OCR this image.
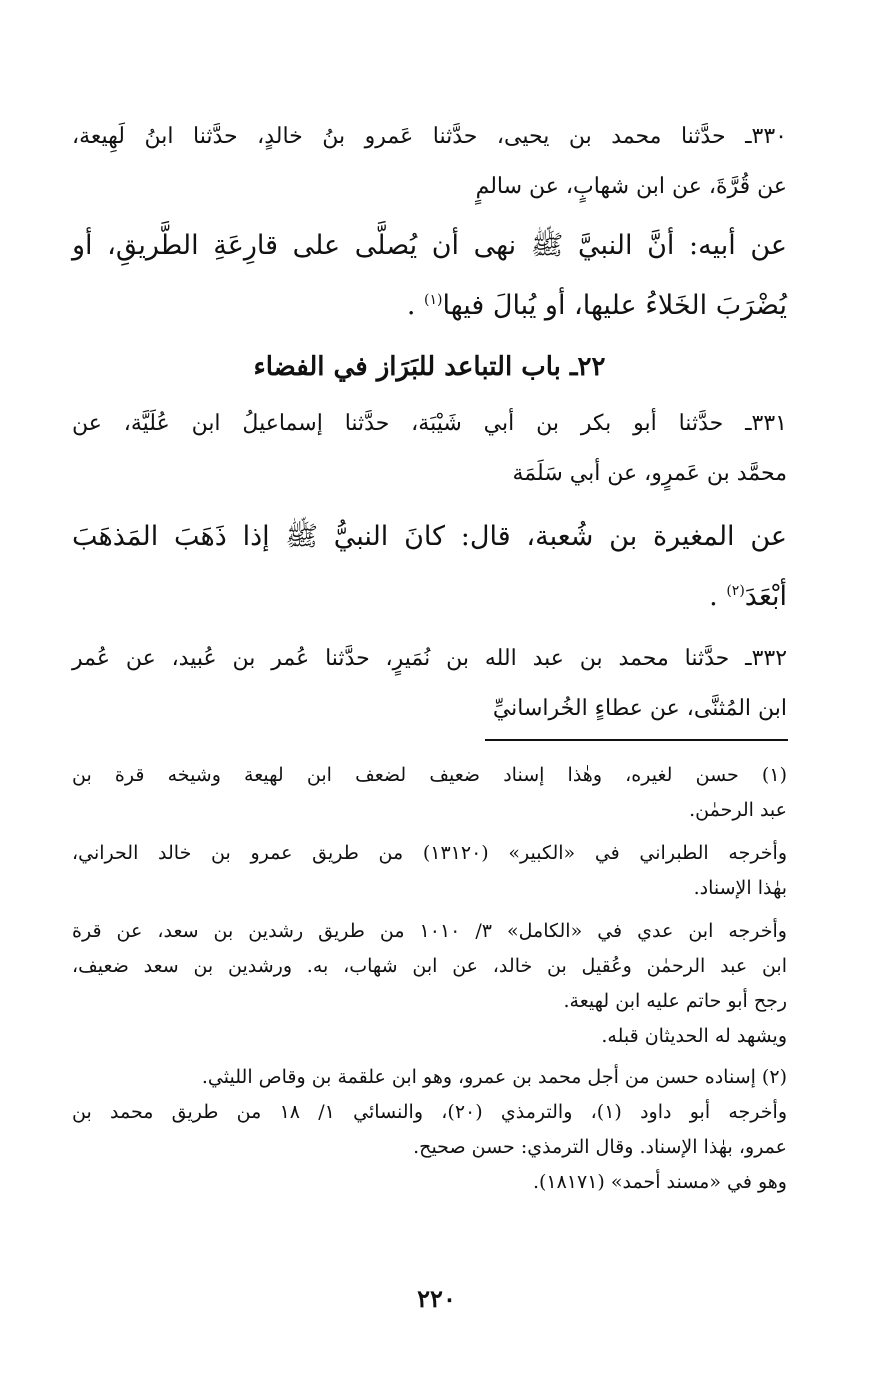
٣٣٠ـ حدَّثنا محمد بن يحيى، حدَّثنا عَمرو بنُ خالدٍ، حدَّثنا ابنُ لَهِيعة،
عن قُرَّةَ، عن ابن شهابٍ، عن سالمٍ
عن أبيه: أنَّ النبيَّ ﷺ نهى أن يُصلَّى على قارِعَةِ الطَّريقِ، أو
يُضْرَبَ الخَلاءُ عليها، أو يُبالَ فيها$^{(١)}$ .
٢٢ـ باب التباعد للبَرَاز في الفضاء
٣٣١ـ حدَّثنا أبو بكر بن أبي شَيْبَة، حدَّثنا إسماعيلُ ابن عُلَيَّة، عن
محمَّد بن عَمرٍو، عن أبي سَلَمَة
عن المغيرة بن شُعبة، قال: كانَ النبيُّ ﷺ إذا ذَهَبَ المَذهَبَ
أبْعَدَ$^{(٢)}$ .
٣٣٢ـ حدَّثنا محمد بن عبد الله بن نُمَيرٍ، حدَّثنا عُمر بن عُبيد، عن عُمر
ابن المُثنَّى، عن عطاءٍ الخُراسانيِّ
(١) حسن لغيره، وهٰذا إسناد ضعيف لضعف ابن لهيعة وشيخه قرة بن
عبد الرحمٰن.
وأخرجه الطبراني في «الكبير» (١٣١٢٠) من طريق عمرو بن خالد الحراني،
بهٰذا الإسناد.
وأخرجه ابن عدي في «الكامل» ٣/ ١٠١٠ من طريق رشدين بن سعد، عن قرة
ابن عبد الرحمٰن وعُقيل بن خالد، عن ابن شهاب، به. ورشدين بن سعد ضعيف،
رجح أبو حاتم عليه ابن لهيعة.
ويشهد له الحديثان قبله.
(٢) إسناده حسن من أجل محمد بن عمرو، وهو ابن علقمة بن وقاص الليثي.
وأخرجه أبو داود (١)، والترمذي (٢٠)، والنسائي ١/ ١٨ من طريق محمد بن
عمرو، بهٰذا الإسناد. وقال الترمذي: حسن صحيح.
وهو في «مسند أحمد» (١٨١٧١).
٢٢٠
